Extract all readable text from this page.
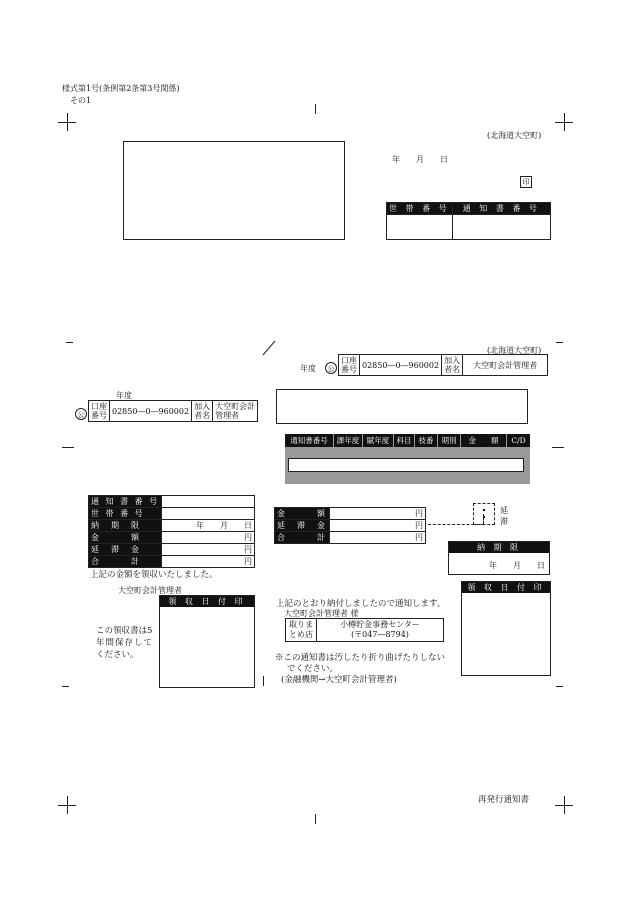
様式第1号(条例第2条第3号関係)
その1
(北海道大空町)
年　　月　　日
印
世 帯 番 号	通 知 書 番 号

(北海道大空町)
年度	公
口座
番号	02850―0―960002	加入
者名	大空町会計管理者
年度
公
口座
番号	02850―0―960002	加入
者名	大空町会計
管理者
通知書番号	課年度	賦年度 科目 枝番	期別	金　　額	C/D
通 知 書 番 号	
世 帯 番 号	
納　期　限	年　　月　　日
金　　　額	円
延　滞　金	円
合　　　計	円
上記の金額を領収いたしました。
大空町会計管理者
領 収 日 付 印
この領収書は5
年間保存して
ください。
金　　　額	円
延　滞　金	円
合　　　計	円
延
滞
納 期 限
年　　月　　日
領 収 日 付 印
上記のとおり納付しましたので通知します。
大空町会計管理者 様
取りま
とめ店	小樽貯金事務センター
(〒047―8794)
※この通知書は汚したり折り曲げたりしない
でください。
(金融機関→大空町会計管理者)
再発行通知書
